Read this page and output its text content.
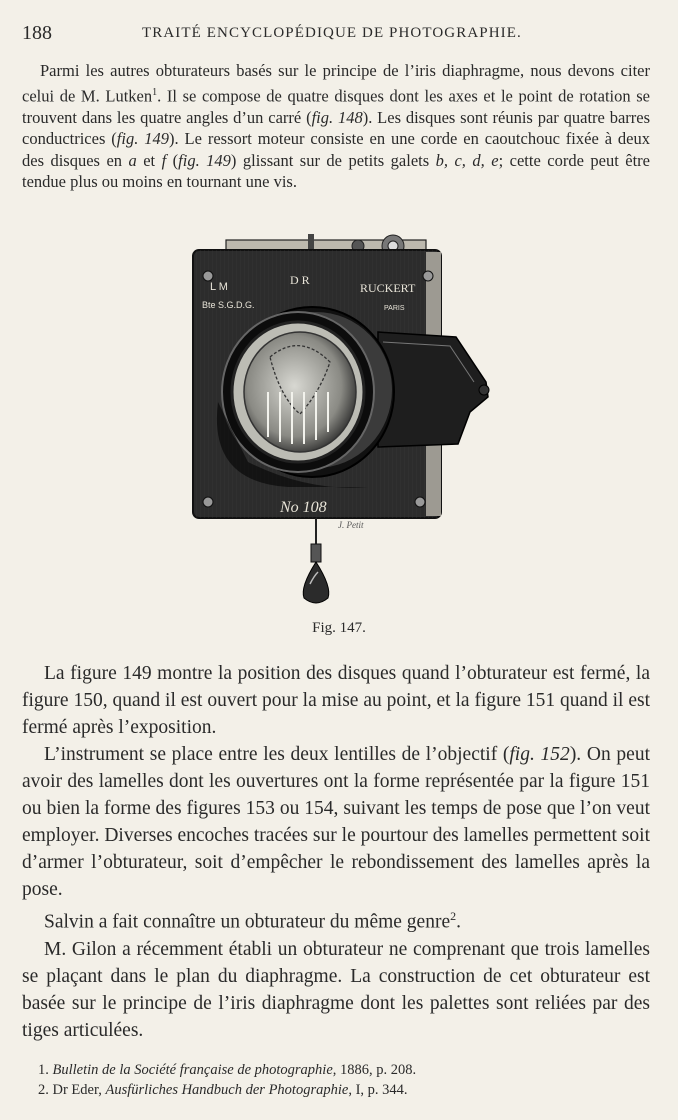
188	TRAITÉ ENCYCLOPÉDIQUE DE PHOTOGRAPHIE.

Parmi les autres obturateurs basés sur le principe de l’iris diaphragme, nous devons citer celui de M. Lutken$^1$. Il se compose de quatre disques dont les axes et le point de rotation se trouvent dans les quatre angles d’un carré (fig. 148). Les disques sont réunis par quatre barres conductrices (fig. 149). Le ressort moteur consiste en une corde en caoutchouc fixée à deux des disques en a et f (fig. 149) glissant sur de petits galets b, c, d, e; cette corde peut être tendue plus ou moins en tournant une vis.

L M
Bte S.G.D.G.
D R
RUCKERT
PARIS
No 108
J. Petit
Fig. 147.

La figure 149 montre la position des disques quand l’obturateur est fermé, la figure 150, quand il est ouvert pour la mise au point, et la figure 151 quand il est fermé après l’exposition.

L’instrument se place entre les deux lentilles de l’objectif (fig. 152). On peut avoir des lamelles dont les ouvertures ont la forme représentée par la figure 151 ou bien la forme des figures 153 ou 154, suivant les temps de pose que l’on veut employer. Diverses encoches tracées sur le pourtour des lamelles permettent soit d’armer l’obturateur, soit d’empêcher le rebondissement des lamelles après la pose.

Salvin a fait connaître un obturateur du même genre$^2$.

M. Gilon a récemment établi un obturateur ne comprenant que trois lamelles se plaçant dans le plan du diaphragme. La construction de cet obturateur est basée sur le principe de l’iris diaphragme dont les palettes sont reliées par des tiges articulées.

1. Bulletin de la Société française de photographie, 1886, p. 208.
2. Dr Eder, Ausfürliches Handbuch der Photographie, I, p. 344.
